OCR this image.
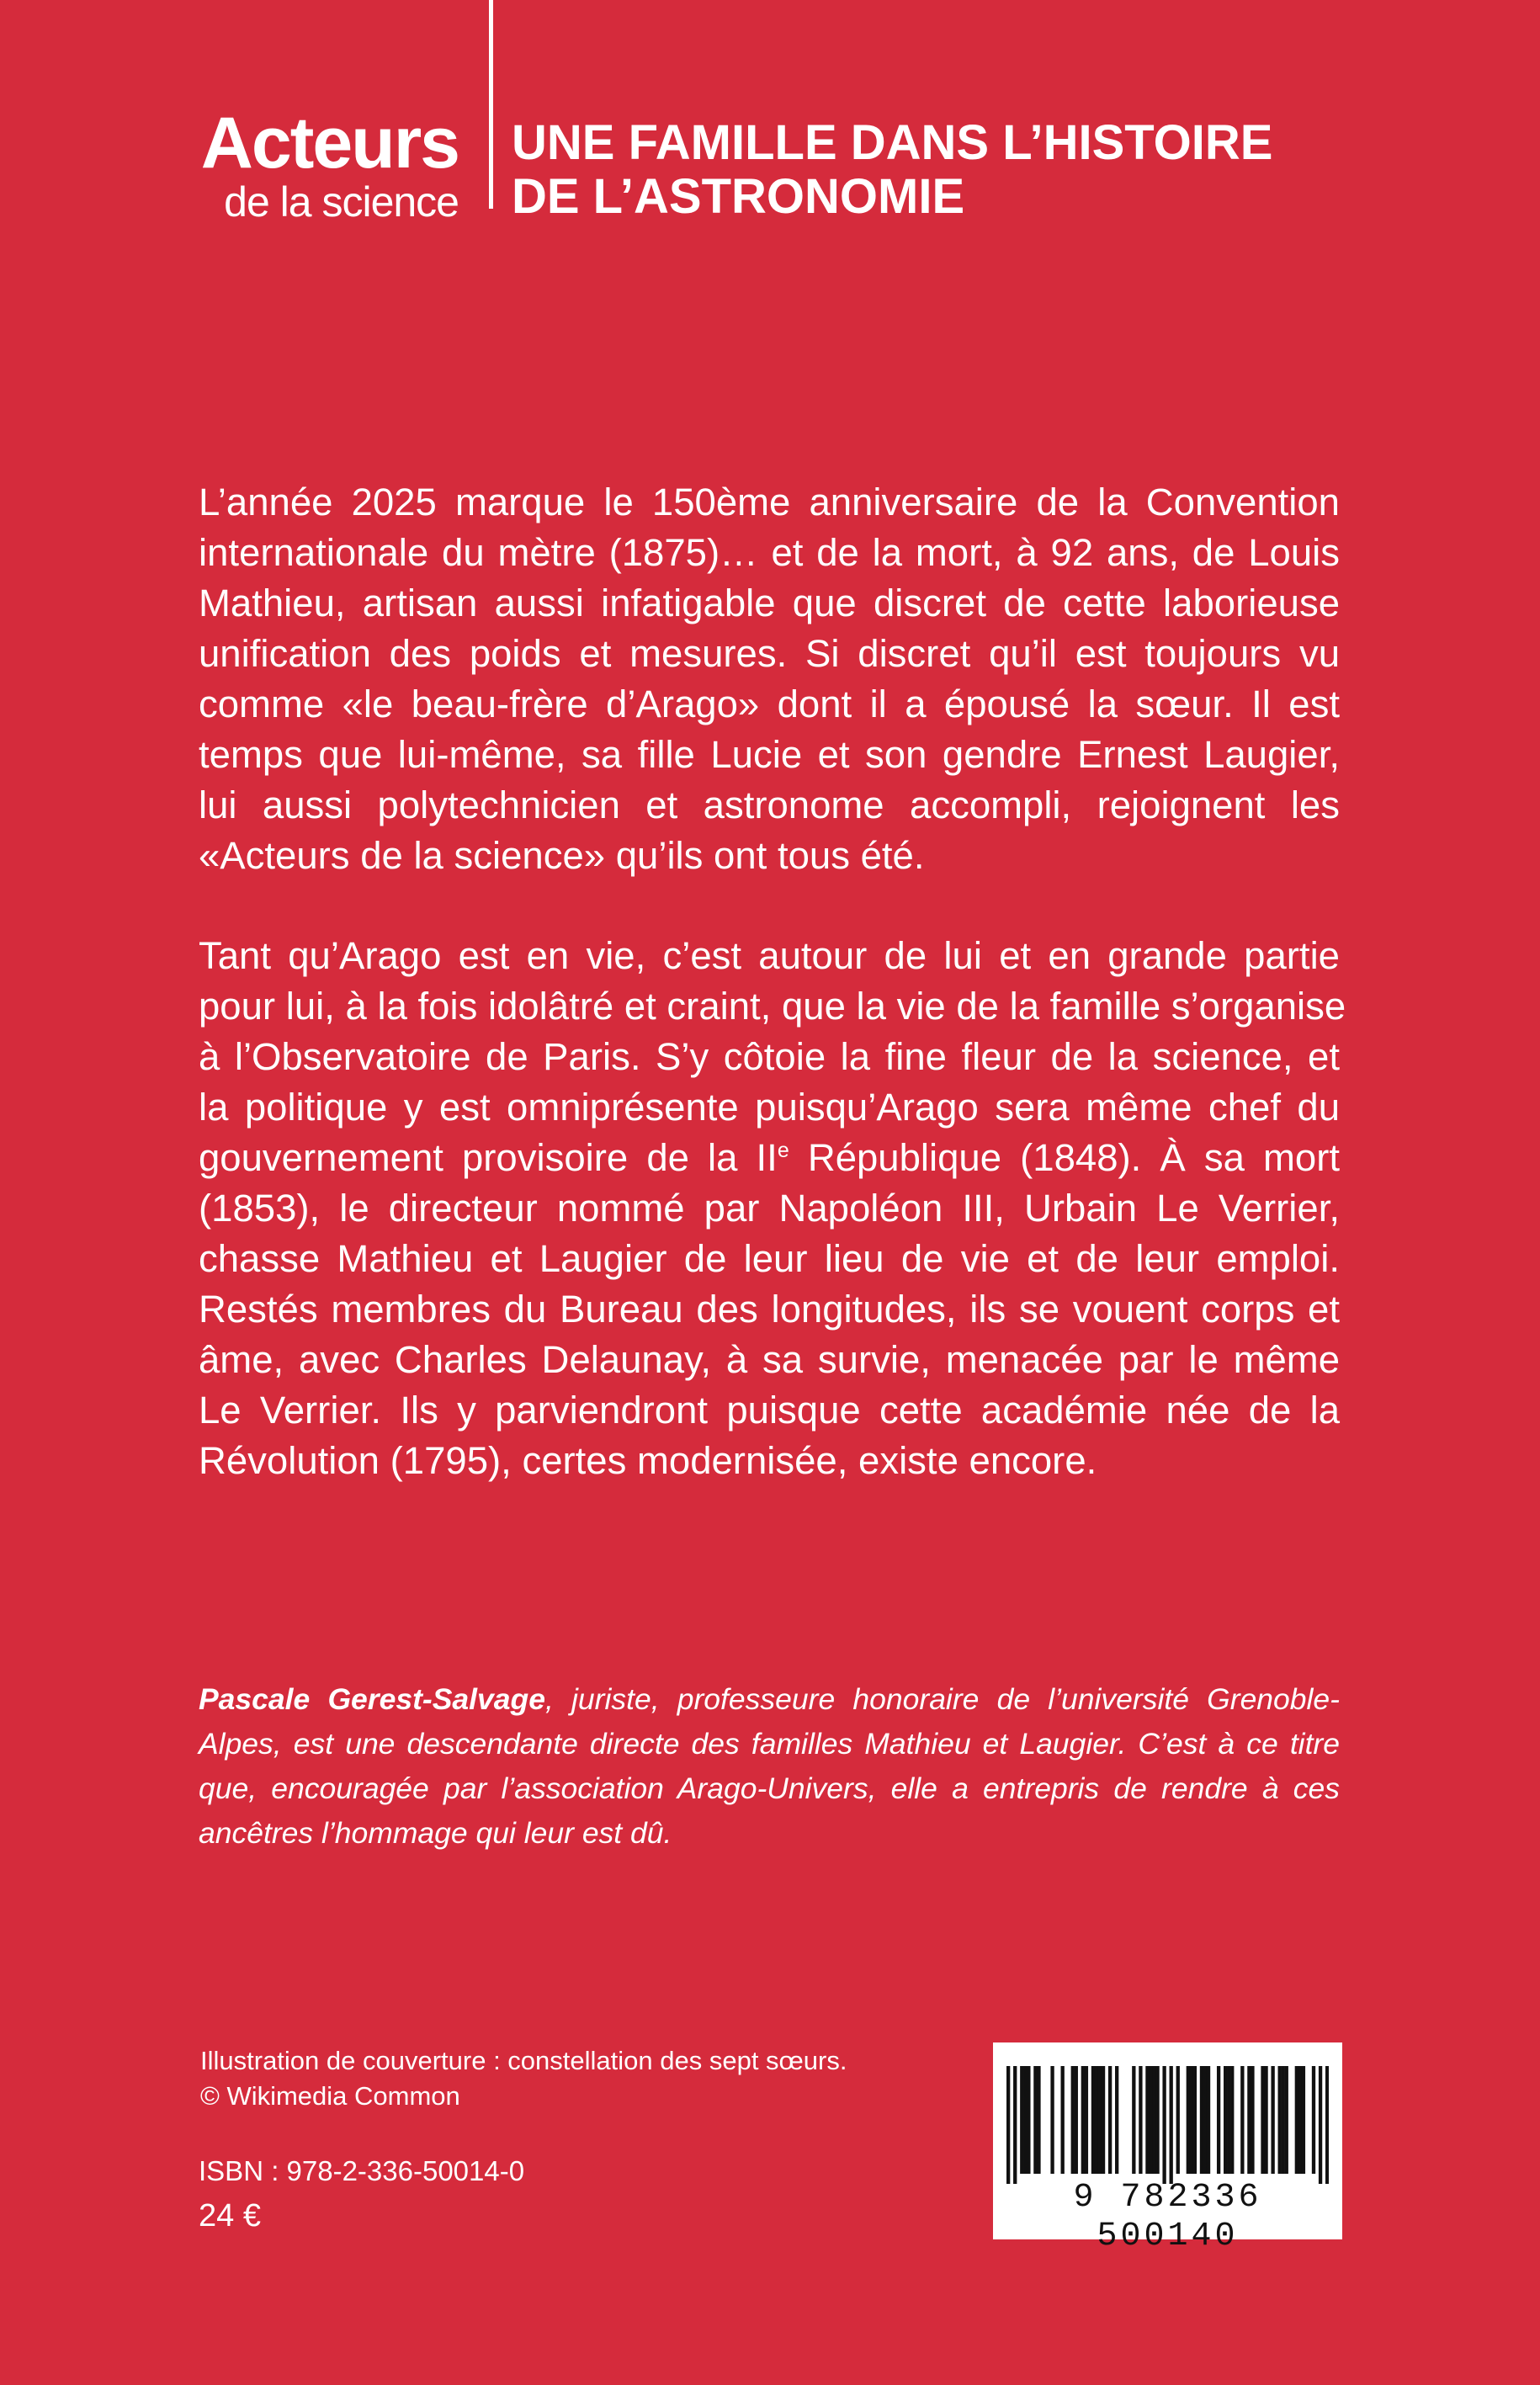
Acteurs
de la science
UNE FAMILLE DANS L’HISTOIRE
DE L’ASTRONOMIE
L’année 2025 marque le 150ème anniversaire de la Convention
internationale du mètre (1875)… et de la mort, à 92 ans, de Louis
Mathieu, artisan aussi infatigable que discret de cette laborieuse
unification des poids et mesures. Si discret qu’il est toujours vu
comme «le beau-frère d’Arago» dont il a épousé la sœur. Il est
temps que lui-même, sa fille Lucie et son gendre Ernest Laugier,
lui aussi polytechnicien et astronome accompli, rejoignent les
«Acteurs de la science» qu’ils ont tous été.
Tant qu’Arago est en vie, c’est autour de lui et en grande partie
pour lui, à la fois idolâtré et craint, que la vie de la famille s’organise
à l’Observatoire de Paris. S’y côtoie la fine fleur de la science, et
la politique y est omniprésente puisqu’Arago sera même chef du
gouvernement provisoire de la IIe République (1848). À sa mort
(1853), le directeur nommé par Napoléon III, Urbain Le Verrier,
chasse Mathieu et Laugier de leur lieu de vie et de leur emploi.
Restés membres du Bureau des longitudes, ils se vouent corps et
âme, avec Charles Delaunay, à sa survie, menacée par le même
Le Verrier. Ils y parviendront puisque cette académie née de la
Révolution (1795), certes modernisée, existe encore.
Pascale Gerest-Salvage, juriste, professeure honoraire de l’université Grenoble-
Alpes, est une descendante directe des familles Mathieu et Laugier. C’est à ce titre
que, encouragée par l’association Arago-Univers, elle a entrepris de rendre à ces
ancêtres l’hommage qui leur est dû.
Illustration de couverture : constellation des sept sœurs.
© Wikimedia Common
ISBN : 978-2-336-50014-0
24 €	9 782336 500140
